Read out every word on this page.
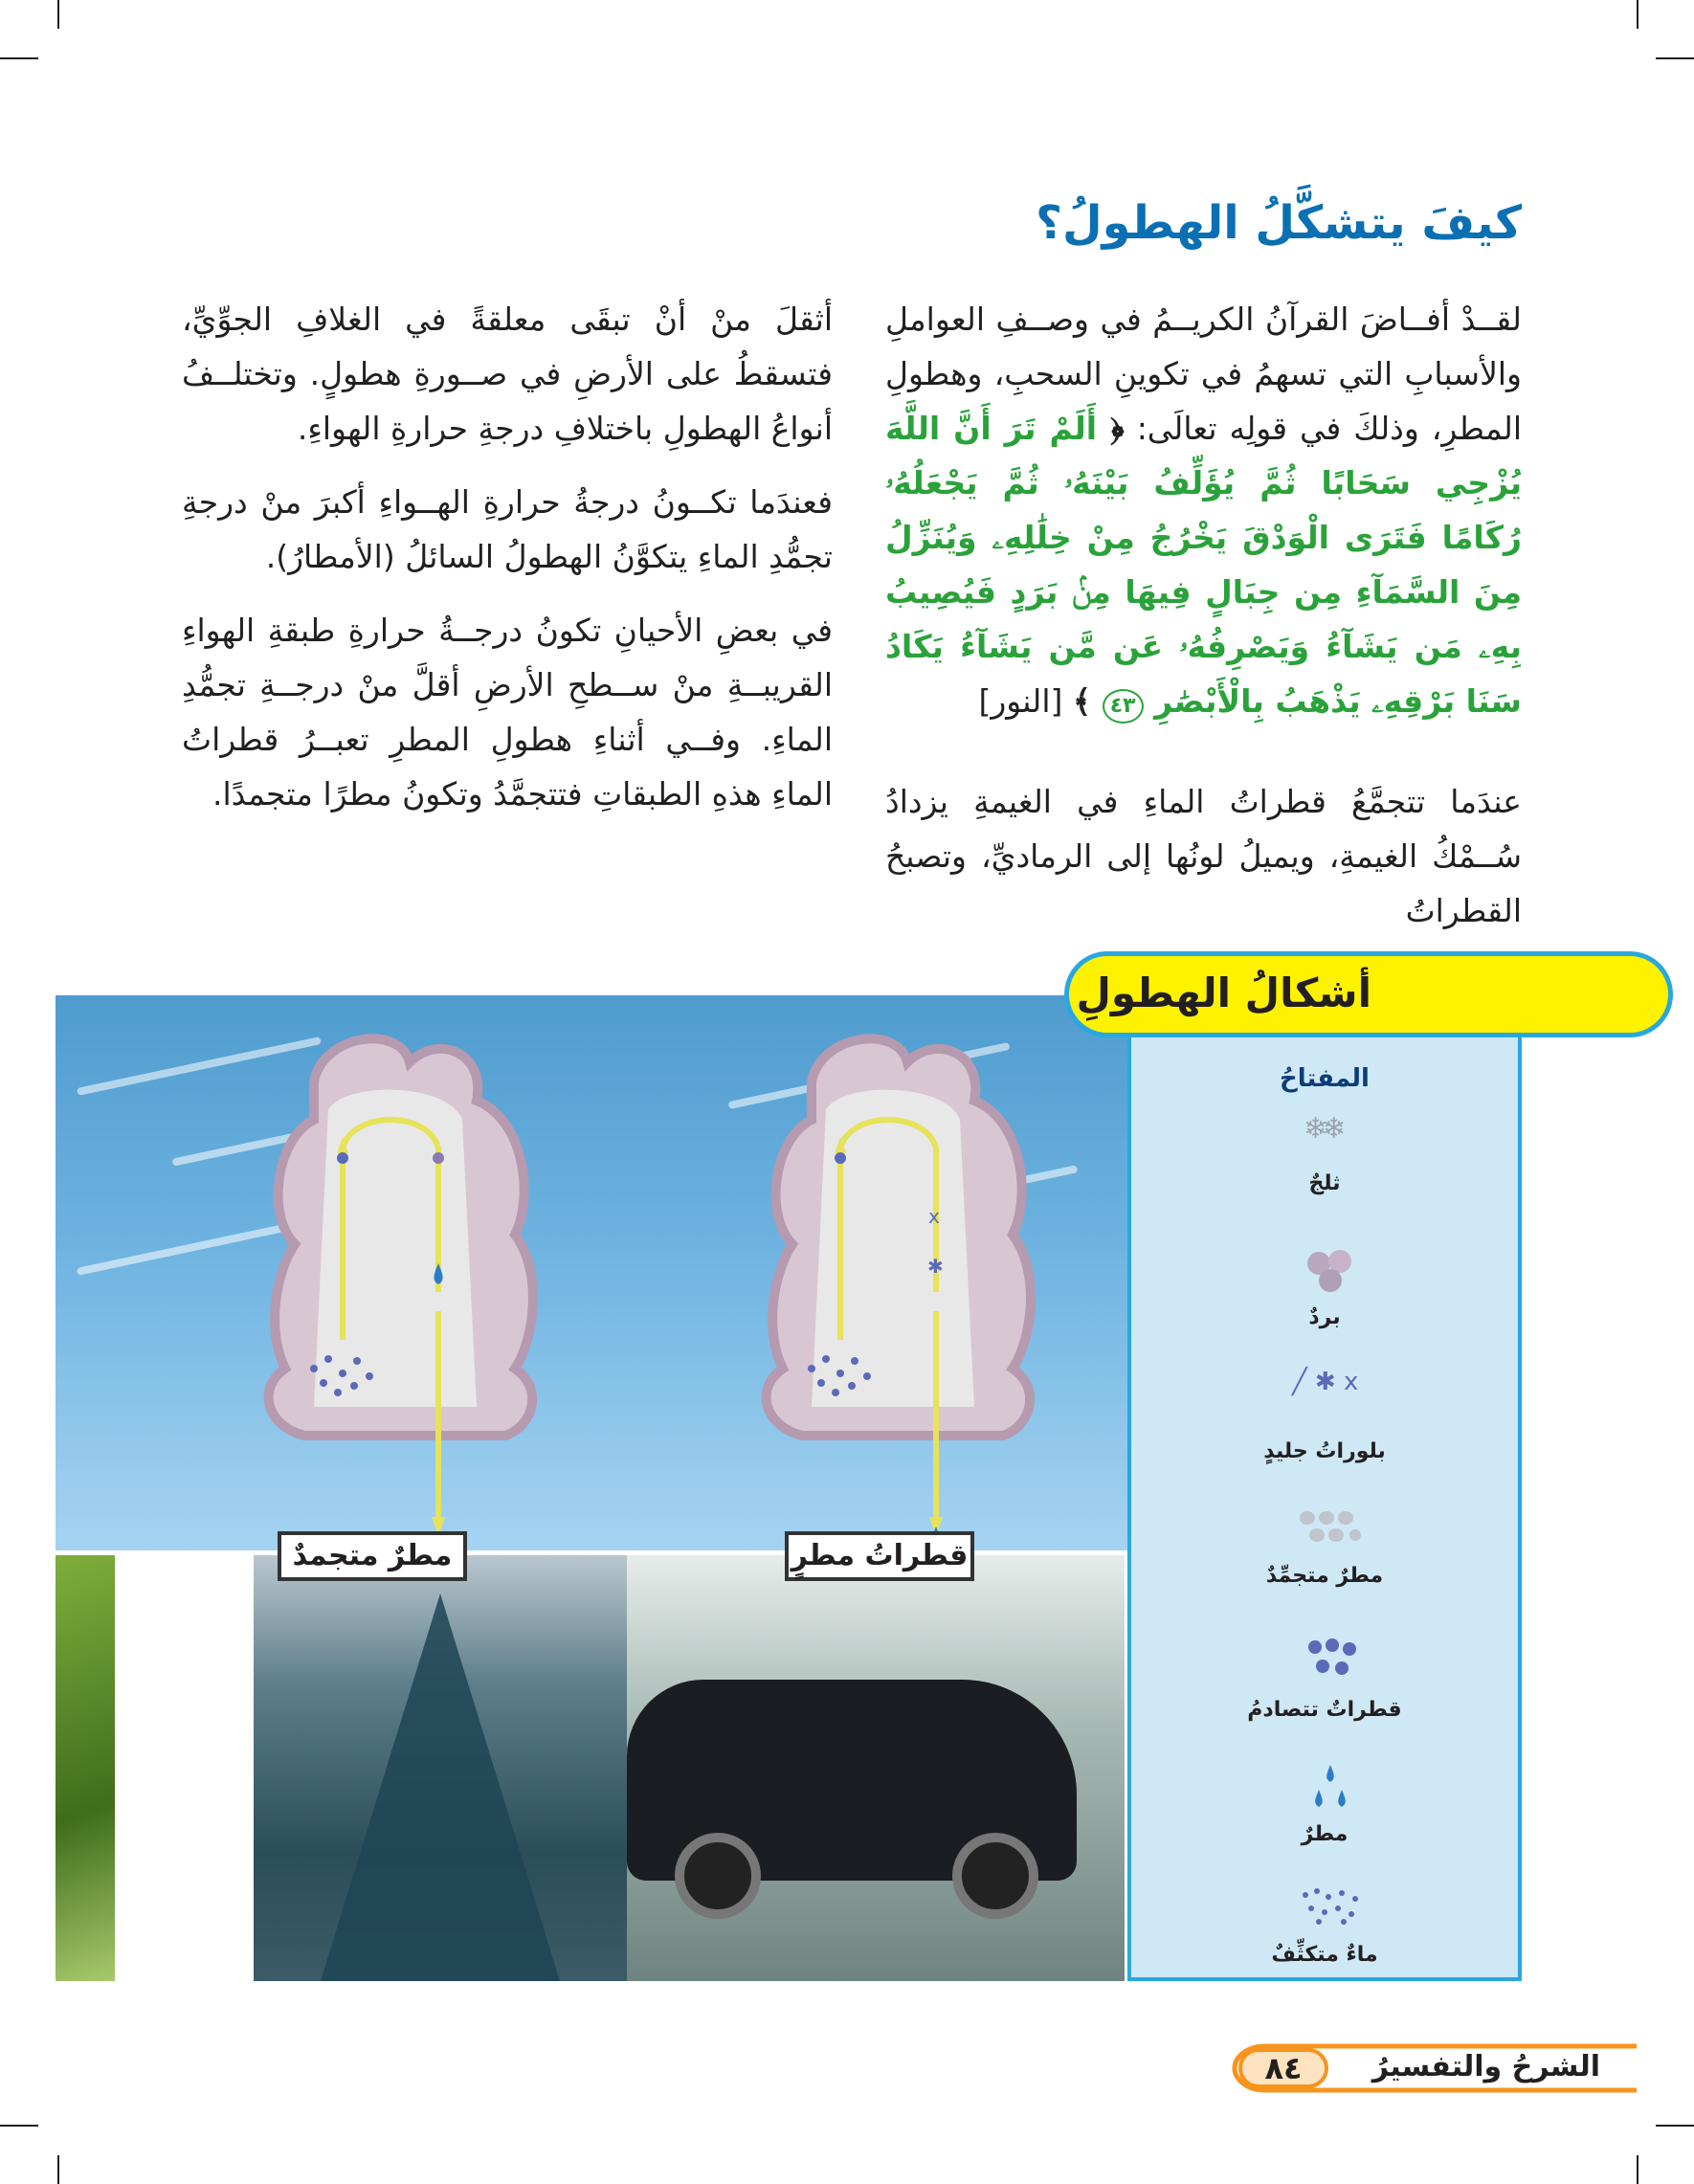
كيفَ يتشكَّلُ الهطولُ؟

لقــدْ أفــاضَ القرآنُ الكريــمُ في وصــفِ العواملِ والأسبابِ التي تسهمُ في تكوينِ السحبِ، وهطولِ المطرِ، وذلكَ في قولِه تعالَى: ﴿ أَلَمْ تَرَ أَنَّ اللَّهَ يُزْجِي سَحَابًا ثُمَّ يُؤَلِّفُ بَيْنَهُۥ ثُمَّ يَجْعَلُهُۥ رُكَامًا فَتَرَى الْوَدْقَ يَخْرُجُ مِنْ خِلَٰلِهِۦ وَيُنَزِّلُ مِنَ السَّمَآءِ مِن جِبَالٍ فِيهَا مِنۢ بَرَدٍ فَيُصِيبُ بِهِۦ مَن يَشَآءُ وَيَصْرِفُهُۥ عَن مَّن يَشَآءُ يَكَادُ سَنَا بَرْقِهِۦ يَذْهَبُ بِالْأَبْصَٰرِ ٤٣ ﴾ [النور]

عندَما تتجمَّعُ قطراتُ الماءِ في الغيمةِ يزدادُ سُــمْكُ الغيمةِ، ويميلُ لونُها إلى الرماديِّ، وتصبحُ القطراتُ

أثقلَ منْ أنْ تبقَى معلقةً في الغلافِ الجوِّيِّ، فتسقطُ على الأرضِ في صــورةِ هطولٍ. وتختلــفُ أنواعُ الهطولِ باختلافِ درجةِ حرارةِ الهواءِ.

فعندَما تكــونُ درجةُ حرارةِ الهــواءِ أكبرَ منْ درجةِ تجمُّدِ الماءِ يتكوَّنُ الهطولُ السائلُ (الأمطارُ).

في بعضِ الأحيانِ تكونُ درجــةُ حرارةِ طبقةِ الهواءِ القريبــةِ منْ ســطحِ الأرضِ أقلَّ منْ درجــةِ تجمُّدِ الماءِ. وفــي أثناءِ هطولِ المطرِ تعبــرُ قطراتُ الماءِ هذهِ الطبقاتِ فتتجمَّدُ وتكونُ مطرًا متجمدًا.

x
✱
مطرٌ متجمدٌ	قطراتُ مطرٍ
المفتاحُ
❄❄
ثلجٌ
بردٌ
╱ ✱ x
بلوراتُ جليدٍ
مطرٌ متجمِّدٌ
قطراتٌ تتصادمُ
مطرٌ
ماءٌ متكثِّفٌ
أشكالُ الهطولِ
٨٤	الشرحُ والتفسيرُ
